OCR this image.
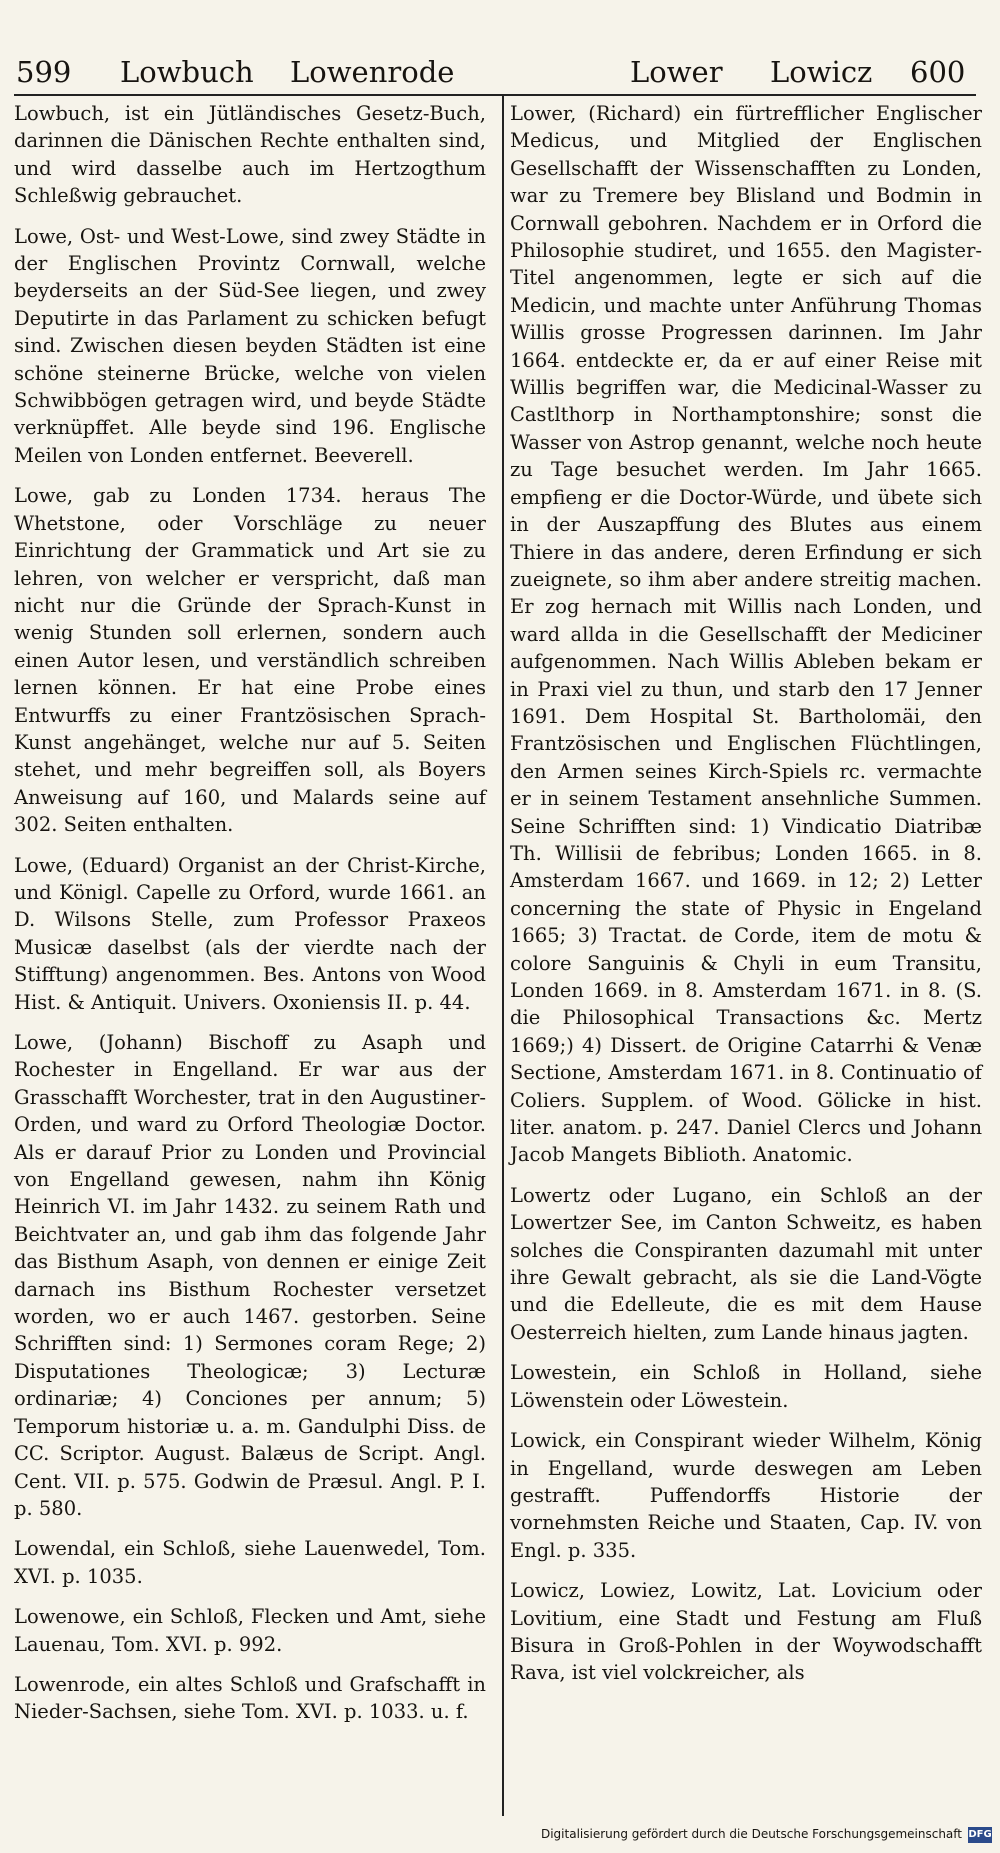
599 Lowbuch Lowenrode	Lower Lowicz 600

Lowbuch, ist ein Jütländisches Gesetz-Buch, darinnen die Dänischen Rechte enthalten sind, und wird dasselbe auch im Hertzogthum Schleßwig gebrauchet.

Lowe, Ost- und West-Lowe, sind zwey Städte in der Englischen Provintz Cornwall, welche beyderseits an der Süd-See liegen, und zwey Deputirte in das Parlament zu schicken befugt sind. Zwischen diesen beyden Städten ist eine schöne steinerne Brücke, welche von vielen Schwibbögen getragen wird, und beyde Städte verknüpffet. Alle beyde sind 196. Englische Meilen von Londen entfernet. Beeverell.

Lowe, gab zu Londen 1734. heraus The Whetstone, oder Vorschläge zu neuer Einrichtung der Grammatick und Art sie zu lehren, von welcher er verspricht, daß man nicht nur die Gründe der Sprach-Kunst in wenig Stunden soll erlernen, sondern auch einen Autor lesen, und verständlich schreiben lernen können. Er hat eine Probe eines Entwurffs zu einer Frantzösischen Sprach-Kunst angehänget, welche nur auf 5. Seiten stehet, und mehr begreiffen soll, als Boyers Anweisung auf 160, und Malards seine auf 302. Seiten enthalten.

Lowe, (Eduard) Organist an der Christ-Kirche, und Königl. Capelle zu Orford, wurde 1661. an D. Wilsons Stelle, zum Professor Praxeos Musicæ daselbst (als der vierdte nach der Stifftung) angenommen. Bes. Antons von Wood Hist. & Antiquit. Univers. Oxoniensis II. p. 44.

Lowe, (Johann) Bischoff zu Asaph und Rochester in Engelland. Er war aus der Grasschafft Worchester, trat in den Augustiner-Orden, und ward zu Orford Theologiæ Doctor. Als er darauf Prior zu Londen und Provincial von Engelland gewesen, nahm ihn König Heinrich VI. im Jahr 1432. zu seinem Rath und Beichtvater an, und gab ihm das folgende Jahr das Bisthum Asaph, von dennen er einige Zeit darnach ins Bisthum Rochester versetzet worden, wo er auch 1467. gestorben. Seine Schrifften sind: 1) Sermones coram Rege; 2) Disputationes Theologicæ; 3) Lecturæ ordinariæ; 4) Conciones per annum; 5) Temporum historiæ u. a. m. Gandulphi Diss. de CC. Scriptor. August. Balæus de Script. Angl. Cent. VII. p. 575. Godwin de Præsul. Angl. P. I. p. 580.

Lowendal, ein Schloß, siehe Lauenwedel, Tom. XVI. p. 1035.

Lowenowe, ein Schloß, Flecken und Amt, siehe Lauenau, Tom. XVI. p. 992.

Lowenrode, ein altes Schloß und Grafschafft in Nieder-Sachsen, siehe Tom. XVI. p. 1033. u. f.

Lower, (Richard) ein fürtrefflicher Englischer Medicus, und Mitglied der Englischen Gesellschafft der Wissenschafften zu Londen, war zu Tremere bey Blisland und Bodmin in Cornwall gebohren. Nachdem er in Orford die Philosophie studiret, und 1655. den Magister-Titel angenommen, legte er sich auf die Medicin, und machte unter Anführung Thomas Willis grosse Progressen darinnen. Im Jahr 1664. entdeckte er, da er auf einer Reise mit Willis begriffen war, die Medicinal-Wasser zu Castlthorp in Northamptonshire; sonst die Wasser von Astrop genannt, welche noch heute zu Tage besuchet werden. Im Jahr 1665. empfieng er die Doctor-Würde, und übete sich in der Auszapffung des Blutes aus einem Thiere in das andere, deren Erfindung er sich zueignete, so ihm aber andere streitig machen. Er zog hernach mit Willis nach Londen, und ward allda in die Gesellschafft der Mediciner aufgenommen. Nach Willis Ableben bekam er in Praxi viel zu thun, und starb den 17 Jenner 1691. Dem Hospital St. Bartholomäi, den Frantzösischen und Englischen Flüchtlingen, den Armen seines Kirch-Spiels rc. vermachte er in seinem Testament ansehnliche Summen. Seine Schrifften sind: 1) Vindicatio Diatribæ Th. Willisii de febribus; Londen 1665. in 8. Amsterdam 1667. und 1669. in 12; 2) Letter concerning the state of Physic in Engeland 1665; 3) Tractat. de Corde, item de motu & colore Sanguinis & Chyli in eum Transitu, Londen 1669. in 8. Amsterdam 1671. in 8. (S. die Philosophical Transactions &c. Mertz 1669;) 4) Dissert. de Origine Catarrhi & Venæ Sectione, Amsterdam 1671. in 8. Continuatio of Coliers. Supplem. of Wood. Gölicke in hist. liter. anatom. p. 247. Daniel Clercs und Johann Jacob Mangets Biblioth. Anatomic.

Lowertz oder Lugano, ein Schloß an der Lowertzer See, im Canton Schweitz, es haben solches die Conspiranten dazumahl mit unter ihre Gewalt gebracht, als sie die Land-Vögte und die Edelleute, die es mit dem Hause Oesterreich hielten, zum Lande hinaus jagten.

Lowestein, ein Schloß in Holland, siehe Löwenstein oder Löwestein.

Lowick, ein Conspirant wieder Wilhelm, König in Engelland, wurde deswegen am Leben gestrafft. Puffendorffs Historie der vornehmsten Reiche und Staaten, Cap. IV. von Engl. p. 335.

Lowicz, Lowiez, Lowitz, Lat. Lovicium oder Lovitium, eine Stadt und Festung am Fluß Bisura in Groß-Pohlen in der Woywodschafft Rava, ist viel volckreicher, als

Digitalisierung gefördert durch die Deutsche Forschungsgemeinschaft DFG
